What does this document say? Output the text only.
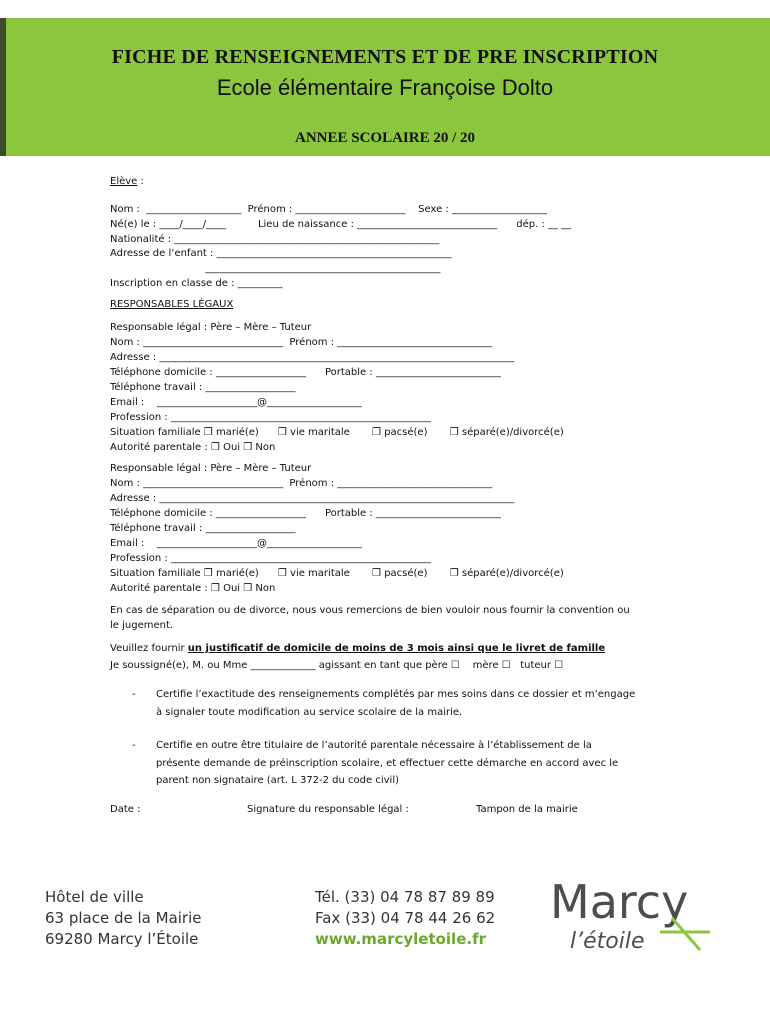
FICHE DE RENSEIGNEMENTS ET DE PRE INSCRIPTION
Ecole élémentaire Françoise Dolto
ANNEE SCOLAIRE 20 / 20
Elève :
Nom :  ___________________  Prénom : ______________________    Sexe : ___________________
Né(e) le : ____/____/____          Lieu de naissance : ____________________________      dép. : __ __
Nationalité : _____________________________________________________
Adresse de l’enfant : _______________________________________________
_______________________________________________
Inscription en classe de : _________
RESPONSABLES LÉGAUX
Responsable légal : Père – Mère – Tuteur
Nom : ____________________________  Prénom : _______________________________
Adresse : _______________________________________________________________________
Téléphone domicile : __________________      Portable : _________________________
Téléphone travail : __________________
Email :    ____________________@___________________
Profession : ____________________________________________________
Situation familiale ❒ marié(e)      ❒ vie maritale       ❒ pacsé(e)       ❒ séparé(e)/divorcé(e)
Autorité parentale : ❒ Oui ❒ Non
Responsable légal : Père – Mère – Tuteur
Nom : ____________________________  Prénom : _______________________________
Adresse : _______________________________________________________________________
Téléphone domicile : __________________      Portable : _________________________
Téléphone travail : __________________
Email :    ____________________@___________________
Profession : ____________________________________________________
Situation familiale ❒ marié(e)      ❒ vie maritale       ❒ pacsé(e)       ❒ séparé(e)/divorcé(e)
Autorité parentale : ❒ Oui ❒ Non
En cas de séparation ou de divorce, nous vous remercions de bien vouloir nous fournir la convention ou
le jugement.
Veuillez fournir un justificatif de domicile de moins de 3 mois ainsi que le livret de famille
Je soussigné(e), M. ou Mme _____________ agissant en tant que père ☐    mère ☐   tuteur ☐
- Certifie l’exactitude des renseignements complétés par mes soins dans ce dossier et m’engage
à signaler toute modification au service scolaire de la mairie.
- Certifie en outre être titulaire de l’autorité parentale nécessaire à l’établissement de la
présente demande de préinscription scolaire, et effectuer cette démarche en accord avec le
parent non signataire (art. L 372-2 du code civil)
Date :	Signature du responsable légal :	Tampon de la mairie
Hôtel de ville
63 place de la Mairie
69280 Marcy l’Étoile
Tél. (33) 04 78 87 89 89
Fax (33) 04 78 44 26 62
www.marcyletoile.fr
Marcy
l’étoile
